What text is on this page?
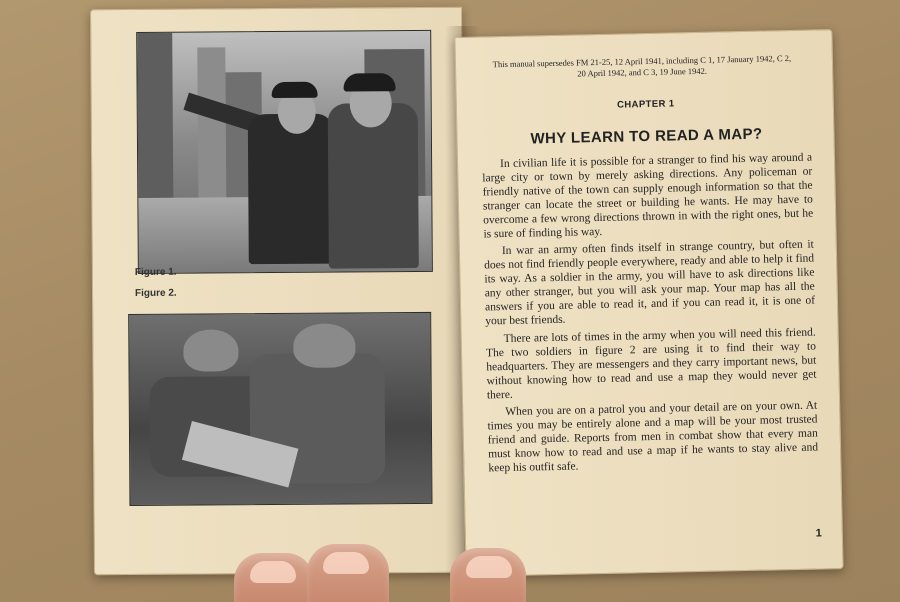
Figure 1.
Figure 2.
This manual supersedes FM 21-25, 12 April 1941, including C 1, 17 January 1942, C 2, 20 April 1942, and C 3, 19 June 1942.
CHAPTER 1
WHY LEARN TO READ A MAP?

In civilian life it is possible for a stranger to find his way around a large city or town by merely asking directions. Any policeman or friendly native of the town can supply enough information so that the stranger can locate the street or building he wants. He may have to overcome a few wrong directions thrown in with the right ones, but he is sure of finding his way.

In war an army often finds itself in strange country, but often it does not find friendly people everywhere, ready and able to help it find its way. As a soldier in the army, you will have to ask directions like any other stranger, but you will ask your map. Your map has all the answers if you are able to read it, and if you can read it, it is one of your best friends.

There are lots of times in the army when you will need this friend. The two soldiers in figure 2 are using it to find their way to headquarters. They are messengers and they carry important news, but without knowing how to read and use a map they would never get there.

When you are on a patrol you and your detail are on your own. At times you may be entirely alone and a map will be your most trusted friend and guide. Reports from men in combat show that every man must know how to read and use a map if he wants to stay alive and keep his outfit safe.

1
